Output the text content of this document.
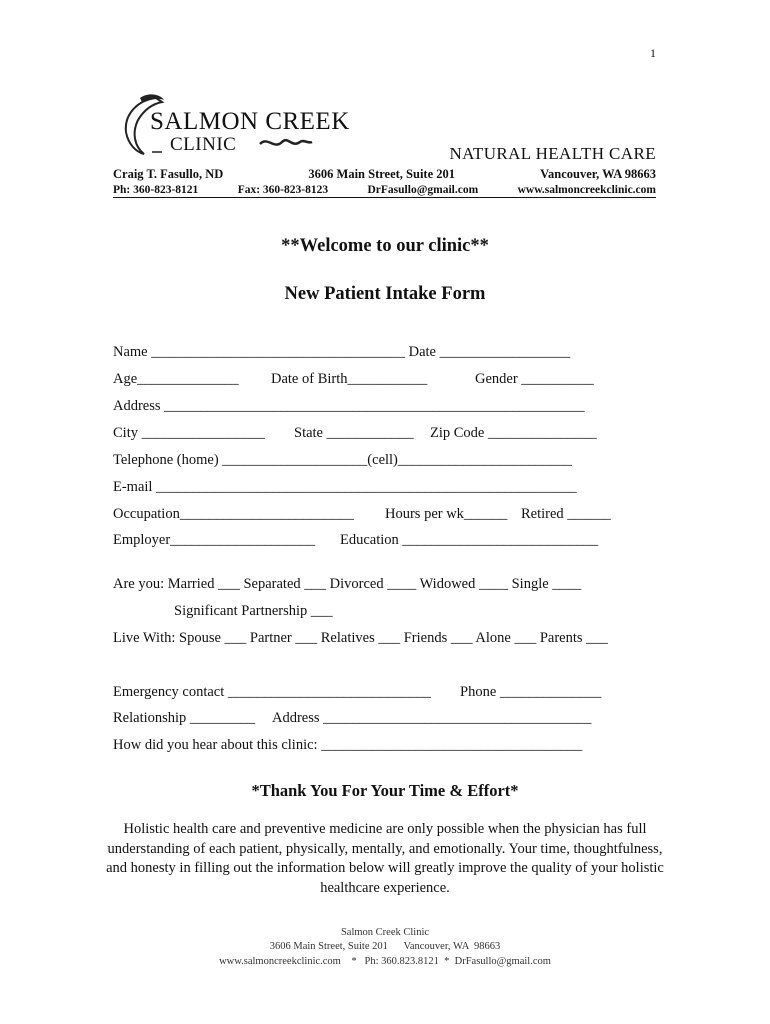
1
SALMON CREEK
CLINIC	NATURAL HEALTH CARE
Craig T. Fasullo, ND	3606 Main Street, Suite 201	Vancouver, WA 98663
Ph: 360-823-8121	Fax: 360-823-8123	DrFasullo@gmail.com	www.salmoncreekclinic.com
**Welcome to our clinic**
New Patient Intake Form
Name ___________________________________ Date __________________
Age______________ Date of Birth___________	Gender __________
Address __________________________________________________________
City _________________ State ____________ Zip Code _______________
Telephone (home) ____________________(cell)________________________
E-mail __________________________________________________________
Occupation________________________ Hours per wk______ Retired ______
Employer____________________ Education ___________________________
Are you: Married ___ Separated ___ Divorced ____ Widowed ____ Single ____
Significant Partnership ___
Live With: Spouse ___ Partner ___ Relatives ___ Friends ___ Alone ___ Parents ___
Emergency contact ____________________________ Phone ______________
Relationship _________ Address _____________________________________
How did you hear about this clinic: ____________________________________
*Thank You For Your Time & Effort*
Holistic health care and preventive medicine are only possible when the physician has full understanding of each patient, physically, mentally, and emotionally. Your time, thoughtfulness, and honesty in filling out the information below will greatly improve the quality of your holistic healthcare experience.
Salmon Creek Clinic
3606 Main Street, Suite 201      Vancouver, WA  98663
www.salmoncreekclinic.com    *   Ph: 360.823.8121  *  DrFasullo@gmail.com
